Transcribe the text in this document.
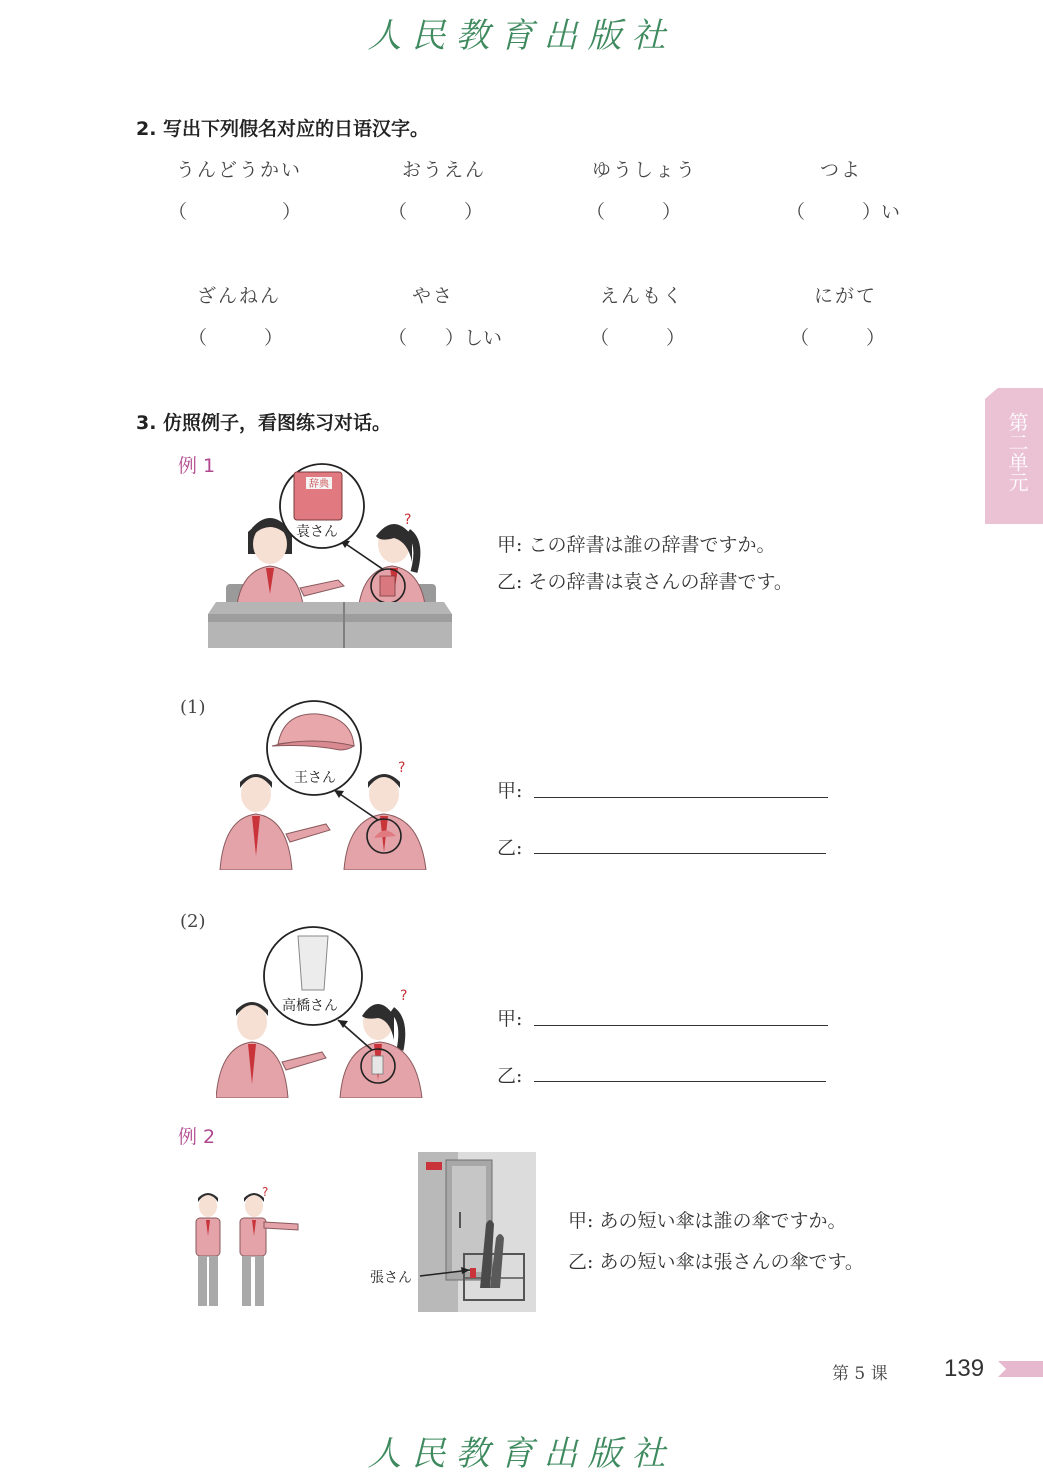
人民教育出版社
2. 写出下列假名对应的日语汉字。
うんどうかい	おうえん	ゆうしょう	つよ
（　　　　　）	（　　　）	（　　　）	（　　　）い
ざんねん	やさ	えんもく	にがて
（　　　）	（　　）しい	（　　　）	（　　　）
第二单元
3. 仿照例子，看图练习对话。
例 1
?
辞典
袁さん
甲: この辞書は誰の辞書ですか。
乙: その辞書は袁さんの辞書です。
(1)
?
王さん
甲:
乙:
(2)
?
高橋さん
甲:
乙:
例 2
?
張さん
甲: あの短い傘は誰の傘ですか。
乙: あの短い傘は張さんの傘です。
第 5 课 139
人民教育出版社
